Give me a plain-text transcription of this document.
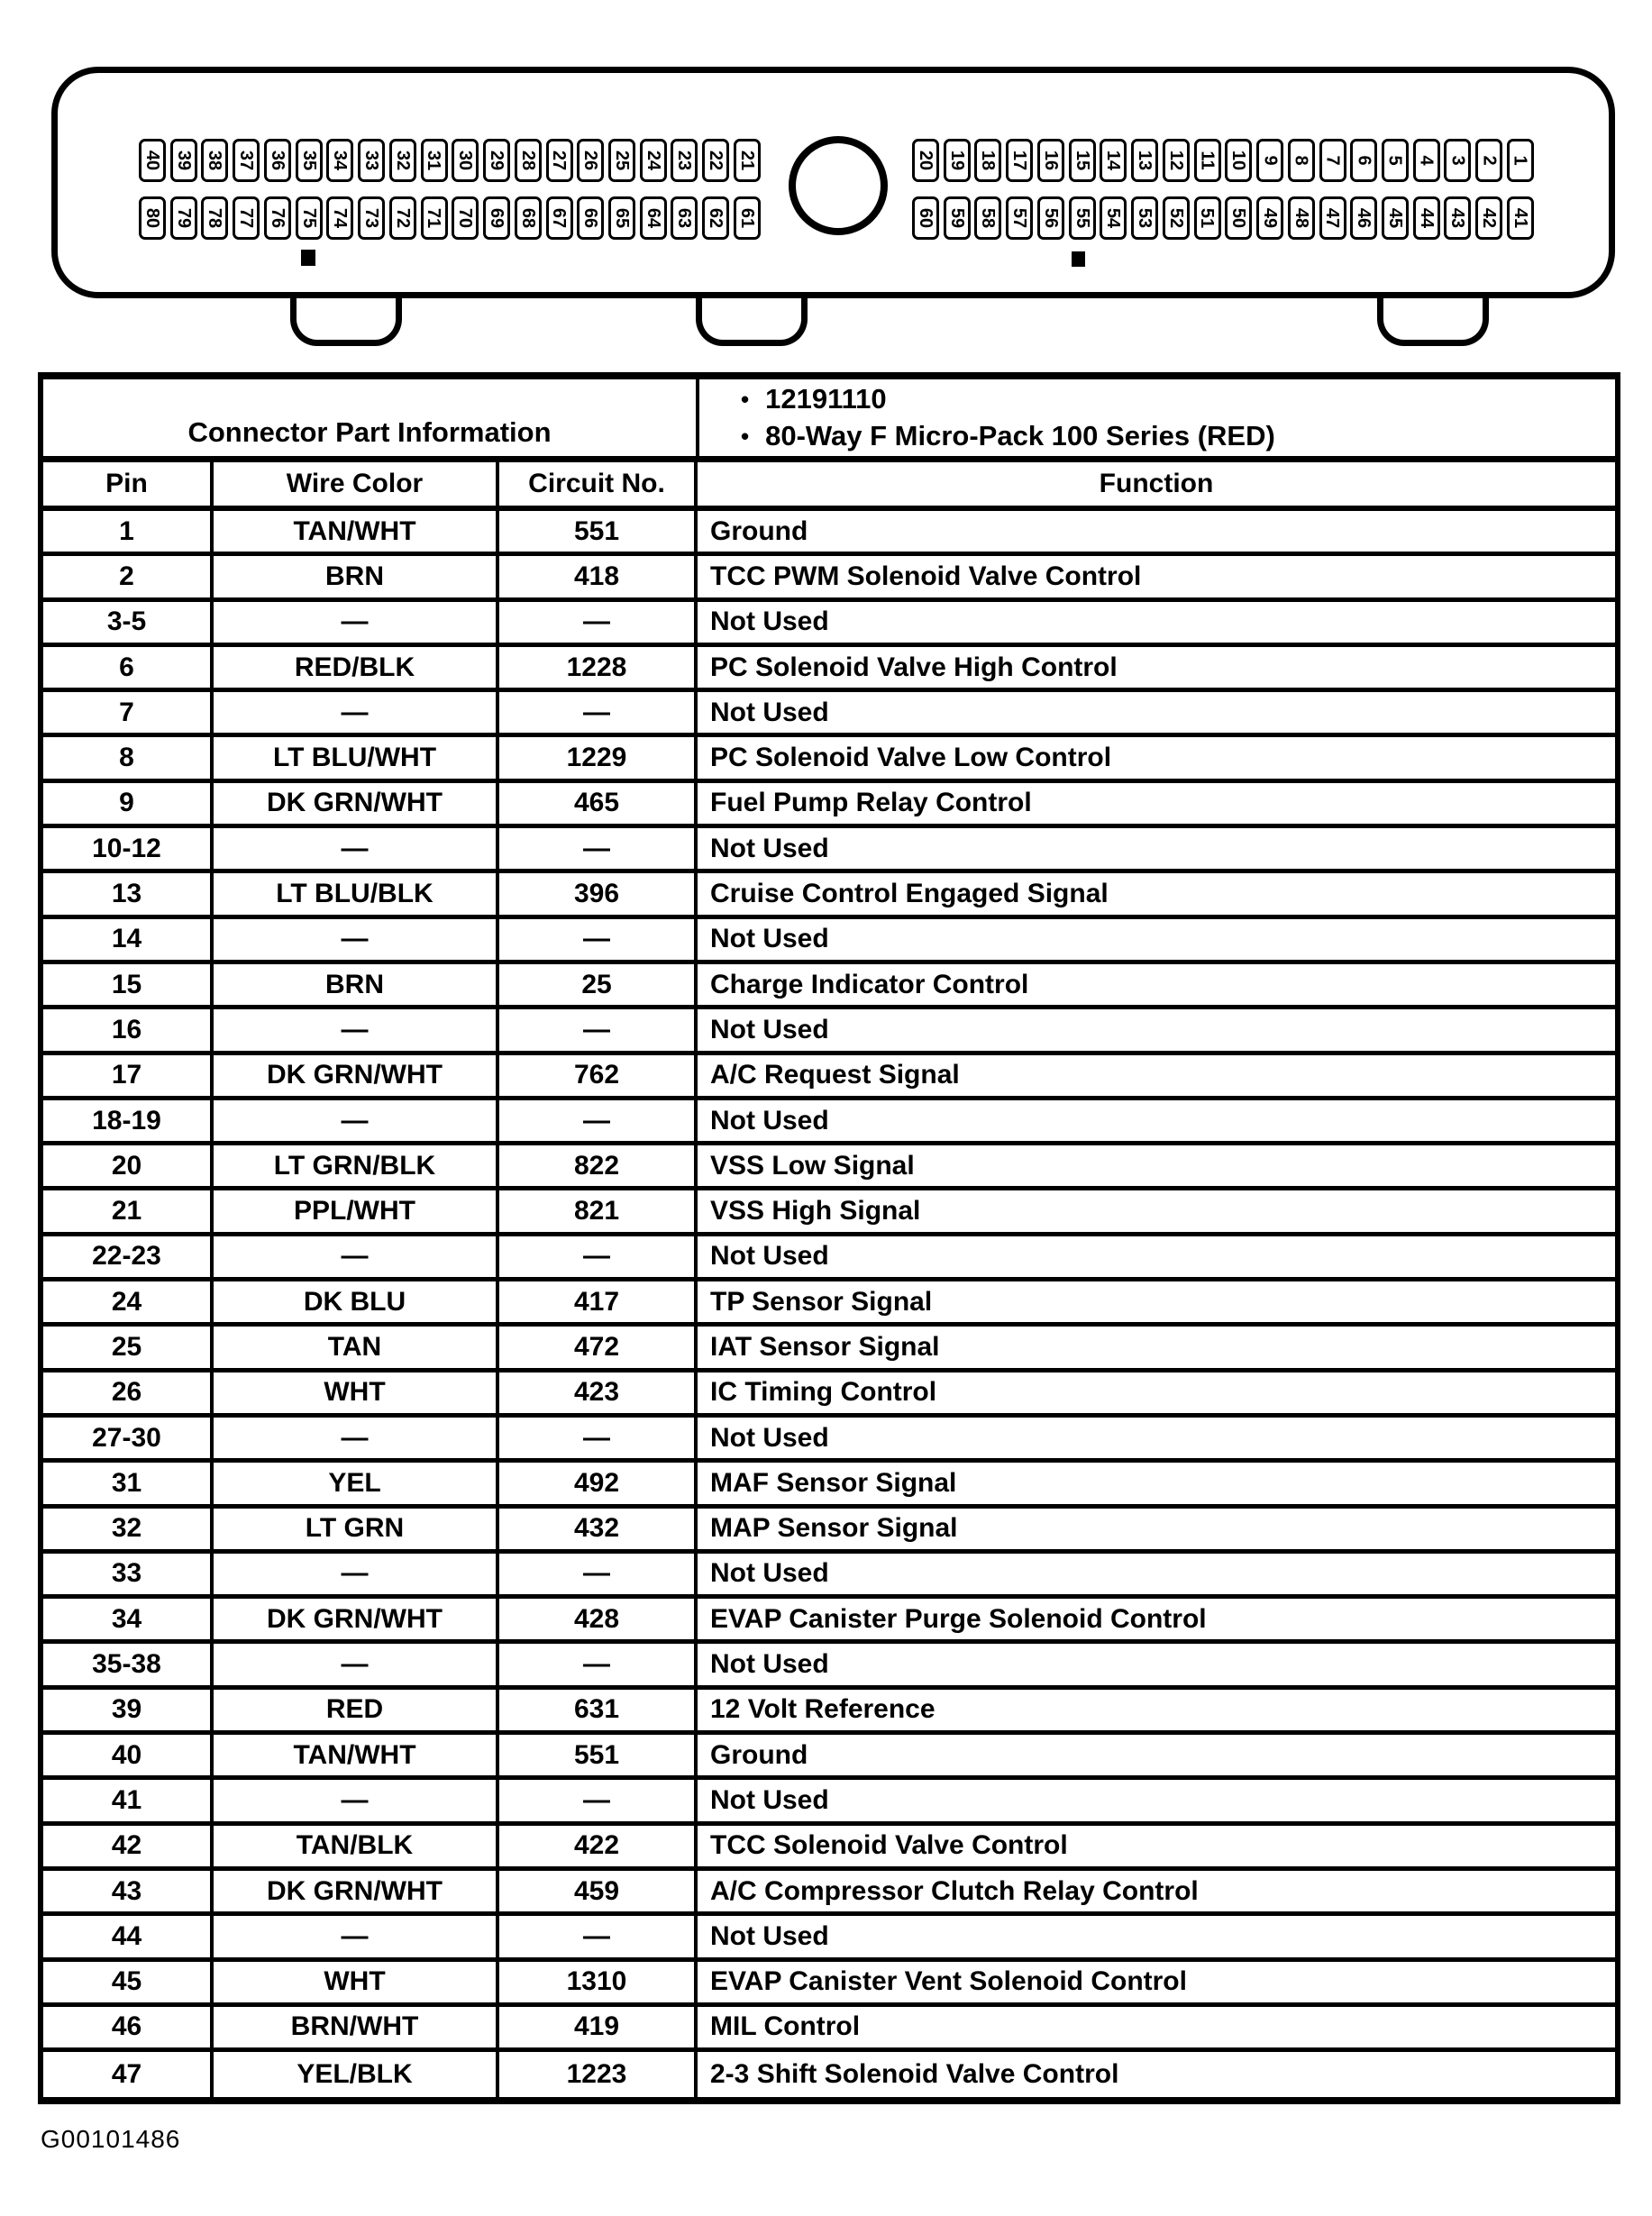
40 39 38 37 36 35 34 33 32 31 30 29 28 27 26 25 24 23 22 21
80 79 78 77 76 75 74 73 72 71 70 69 68 67 66 65 64 63 62 61
20 19 18 17 16 15 14 13 12 11 10 9 8 7 6 5 4 3 2 1
60 59 58 57 56 55 54 53 52 51 50 49 48 47 46 45 44 43 42 41
Connector Part Information
• 12191110
• 80-Way F Micro-Pack 100 Series (RED)
Pin	Wire Color	Circuit No.	Function
1	TAN/WHT	551	Ground
2	BRN	418	TCC PWM Solenoid Valve Control
3-5	—	—	Not Used
6	RED/BLK	1228	PC Solenoid Valve High Control
7	—	—	Not Used
8	LT BLU/WHT	1229	PC Solenoid Valve Low Control
9	DK GRN/WHT	465	Fuel Pump Relay Control
10-12	—	—	Not Used
13	LT BLU/BLK	396	Cruise Control Engaged Signal
14	—	—	Not Used
15	BRN	25	Charge Indicator Control
16	—	—	Not Used
17	DK GRN/WHT	762	A/C Request Signal
18-19	—	—	Not Used
20	LT GRN/BLK	822	VSS Low Signal
21	PPL/WHT	821	VSS High Signal
22-23	—	—	Not Used
24	DK BLU	417	TP Sensor Signal
25	TAN	472	IAT Sensor Signal
26	WHT	423	IC Timing Control
27-30	—	—	Not Used
31	YEL	492	MAF Sensor Signal
32	LT GRN	432	MAP Sensor Signal
33	—	—	Not Used
34	DK GRN/WHT	428	EVAP Canister Purge Solenoid Control
35-38	—	—	Not Used
39	RED	631	12 Volt Reference
40	TAN/WHT	551	Ground
41	—	—	Not Used
42	TAN/BLK	422	TCC Solenoid Valve Control
43	DK GRN/WHT	459	A/C Compressor Clutch Relay Control
44	—	—	Not Used
45	WHT	1310	EVAP Canister Vent Solenoid Control
46	BRN/WHT	419	MIL Control
47	YEL/BLK	1223	2-3 Shift Solenoid Valve Control
G00101486
